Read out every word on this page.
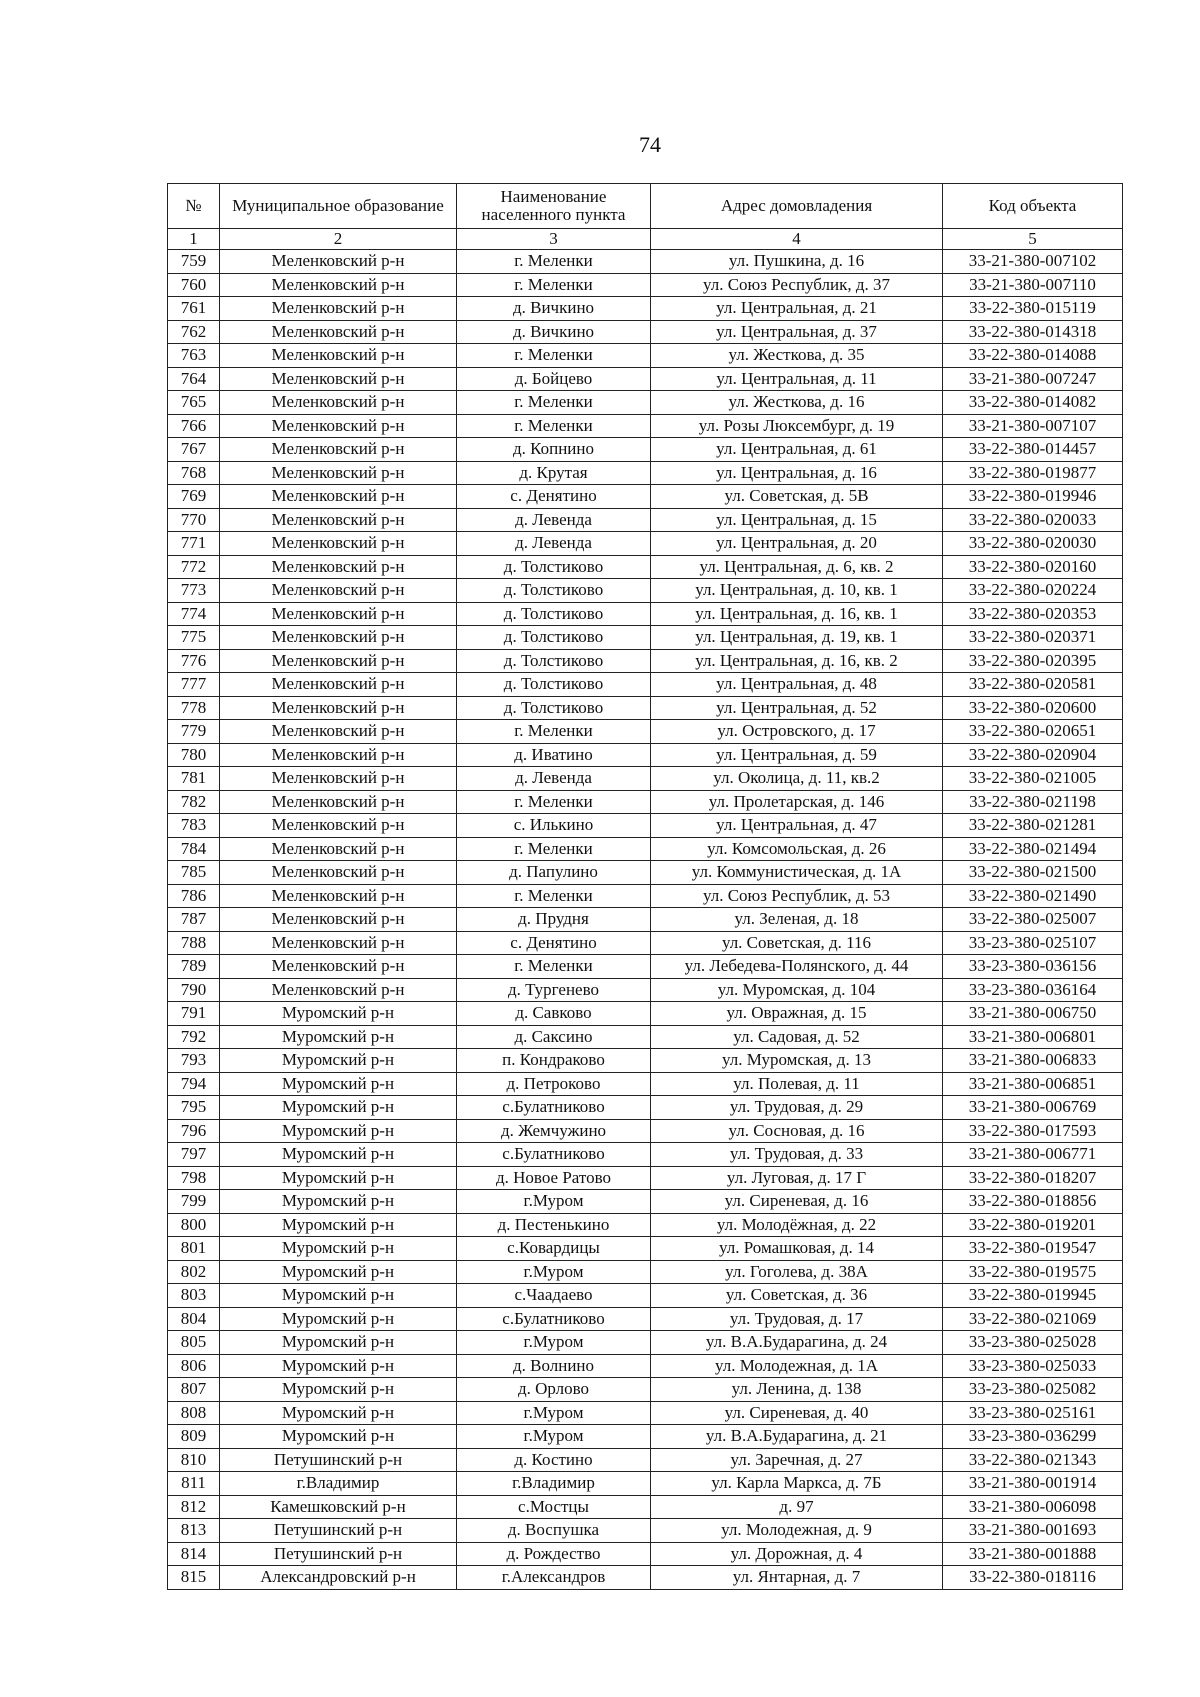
74
№	Муниципальное образование	Наименование населенного пункта	Адрес домовладения	Код объекта
1	2	3	4	5
759	Меленковский р-н	г. Меленки	ул. Пушкина, д. 16	33-21-380-007102
760	Меленковский р-н	г. Меленки	ул. Союз Республик, д. 37	33-21-380-007110
761	Меленковский р-н	д. Вичкино	ул. Центральная, д. 21	33-22-380-015119
762	Меленковский р-н	д. Вичкино	ул. Центральная, д. 37	33-22-380-014318
763	Меленковский р-н	г. Меленки	ул. Жесткова, д. 35	33-22-380-014088
764	Меленковский р-н	д. Бойцево	ул. Центральная, д. 11	33-21-380-007247
765	Меленковский р-н	г. Меленки	ул. Жесткова, д. 16	33-22-380-014082
766	Меленковский р-н	г. Меленки	ул. Розы Люксембург, д. 19	33-21-380-007107
767	Меленковский р-н	д. Копнино	ул. Центральная, д. 61	33-22-380-014457
768	Меленковский р-н	д. Крутая	ул. Центральная, д. 16	33-22-380-019877
769	Меленковский р-н	с. Денятино	ул. Советская, д. 5В	33-22-380-019946
770	Меленковский р-н	д. Левенда	ул. Центральная, д. 15	33-22-380-020033
771	Меленковский р-н	д. Левенда	ул. Центральная, д. 20	33-22-380-020030
772	Меленковский р-н	д. Толстиково	ул. Центральная, д. 6, кв. 2	33-22-380-020160
773	Меленковский р-н	д. Толстиково	ул. Центральная, д. 10, кв. 1	33-22-380-020224
774	Меленковский р-н	д. Толстиково	ул. Центральная, д. 16, кв. 1	33-22-380-020353
775	Меленковский р-н	д. Толстиково	ул. Центральная, д. 19, кв. 1	33-22-380-020371
776	Меленковский р-н	д. Толстиково	ул. Центральная, д. 16, кв. 2	33-22-380-020395
777	Меленковский р-н	д. Толстиково	ул. Центральная, д. 48	33-22-380-020581
778	Меленковский р-н	д. Толстиково	ул. Центральная, д. 52	33-22-380-020600
779	Меленковский р-н	г. Меленки	ул. Островского, д. 17	33-22-380-020651
780	Меленковский р-н	д. Иватино	ул. Центральная, д. 59	33-22-380-020904
781	Меленковский р-н	д. Левенда	ул. Околица, д. 11, кв.2	33-22-380-021005
782	Меленковский р-н	г. Меленки	ул. Пролетарская, д. 146	33-22-380-021198
783	Меленковский р-н	с. Илькино	ул. Центральная, д. 47	33-22-380-021281
784	Меленковский р-н	г. Меленки	ул. Комсомольская, д. 26	33-22-380-021494
785	Меленковский р-н	д. Папулино	ул. Коммунистическая, д. 1А	33-22-380-021500
786	Меленковский р-н	г. Меленки	ул. Союз Республик, д. 53	33-22-380-021490
787	Меленковский р-н	д. Прудня	ул. Зеленая, д. 18	33-22-380-025007
788	Меленковский р-н	с. Денятино	ул. Советская, д. 116	33-23-380-025107
789	Меленковский р-н	г. Меленки	ул. Лебедева-Полянского, д. 44	33-23-380-036156
790	Меленковский р-н	д. Тургенево	ул. Муромская, д. 104	33-23-380-036164
791	Муромский р-н	д. Савково	ул. Овражная, д. 15	33-21-380-006750
792	Муромский р-н	д. Саксино	ул. Садовая, д. 52	33-21-380-006801
793	Муромский р-н	п. Кондраково	ул. Муромская, д. 13	33-21-380-006833
794	Муромский р-н	д. Петроково	ул. Полевая, д. 11	33-21-380-006851
795	Муромский р-н	с.Булатниково	ул. Трудовая, д. 29	33-21-380-006769
796	Муромский р-н	д. Жемчужино	ул. Сосновая, д. 16	33-22-380-017593
797	Муромский р-н	с.Булатниково	ул. Трудовая, д. 33	33-21-380-006771
798	Муромский р-н	д. Новое Ратово	ул. Луговая, д. 17 Г	33-22-380-018207
799	Муромский р-н	г.Муром	ул. Сиреневая, д. 16	33-22-380-018856
800	Муромский р-н	д. Пестенькино	ул. Молодёжная, д. 22	33-22-380-019201
801	Муромский р-н	с.Ковардицы	ул. Ромашковая, д. 14	33-22-380-019547
802	Муромский р-н	г.Муром	ул. Гоголева, д. 38А	33-22-380-019575
803	Муромский р-н	с.Чаадаево	ул. Советская, д. 36	33-22-380-019945
804	Муромский р-н	с.Булатниково	ул. Трудовая, д. 17	33-22-380-021069
805	Муромский р-н	г.Муром	ул. В.А.Бударагина, д. 24	33-23-380-025028
806	Муромский р-н	д. Волнино	ул. Молодежная, д. 1А	33-23-380-025033
807	Муромский р-н	д. Орлово	ул. Ленина, д. 138	33-23-380-025082
808	Муромский р-н	г.Муром	ул. Сиреневая, д. 40	33-23-380-025161
809	Муромский р-н	г.Муром	ул. В.А.Бударагина, д. 21	33-23-380-036299
810	Петушинский р-н	д. Костино	ул. Заречная, д. 27	33-22-380-021343
811	г.Владимир	г.Владимир	ул. Карла Маркса, д. 7Б	33-21-380-001914
812	Камешковский р-н	с.Мостцы	д. 97	33-21-380-006098
813	Петушинский р-н	д. Воспушка	ул. Молодежная, д. 9	33-21-380-001693
814	Петушинский р-н	д. Рождество	ул. Дорожная, д. 4	33-21-380-001888
815	Александровский р-н	г.Александров	ул. Янтарная, д. 7	33-22-380-018116
